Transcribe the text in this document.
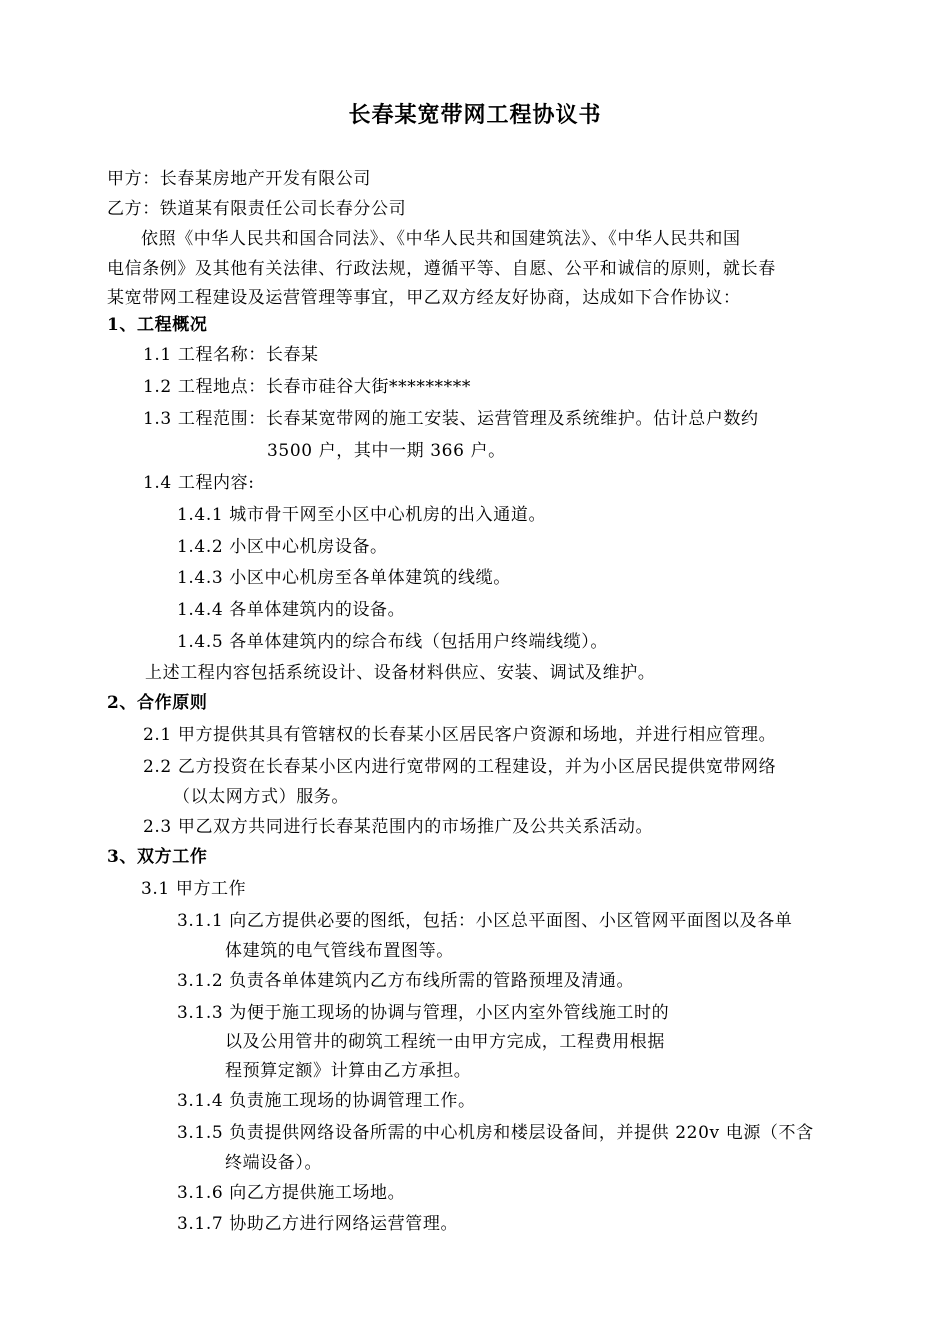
长春某宽带网工程协议书
甲方：长春某房地产开发有限公司
乙方：铁道某有限责任公司长春分公司
依照《中华人民共和国合同法》、《中华人民共和国建筑法》、《中华人民共和国
电信条例》及其他有关法律、行政法规，遵循平等、自愿、公平和诚信的原则，就长春
某宽带网工程建设及运营管理等事宜，甲乙双方经友好协商，达成如下合作协议：
1、工程概况
1.1 工程名称：长春某
1.2 工程地点：长春市硅谷大街*********
1.3 工程范围：长春某宽带网的施工安装、运营管理及系统维护。估计总户数约
3500 户，其中一期 366 户。
1.4 工程内容:
1.4.1 城市骨干网至小区中心机房的出入通道。
1.4.2 小区中心机房设备。
1.4.3 小区中心机房至各单体建筑的线缆。
1.4.4 各单体建筑内的设备。
1.4.5 各单体建筑内的综合布线（包括用户终端线缆）。
上述工程内容包括系统设计、设备材料供应、安装、调试及维护。
2、合作原则
2.1 甲方提供其具有管辖权的长春某小区居民客户资源和场地，并进行相应管理。
2.2 乙方投资在长春某小区内进行宽带网的工程建设，并为小区居民提供宽带网络
（以太网方式）服务。
2.3 甲乙双方共同进行长春某范围内的市场推广及公共关系活动。
3、双方工作
3.1 甲方工作
3.1.1 向乙方提供必要的图纸，包括：小区总平面图、小区管网平面图以及各单
体建筑的电气管线布置图等。
3.1.2 负责各单体建筑内乙方布线所需的管路预埋及清通。
3.1.3 为便于施工现场的协调与管理，小区内室外管线施工时的
以及公用管井的砌筑工程统一由甲方完成，工程费用根据
程预算定额》计算由乙方承担。
3.1.4 负责施工现场的协调管理工作。
3.1.5 负责提供网络设备所需的中心机房和楼层设备间，并提供 220v 电源（不含
终端设备）。
3.1.6 向乙方提供施工场地。
3.1.7 协助乙方进行网络运营管理。
